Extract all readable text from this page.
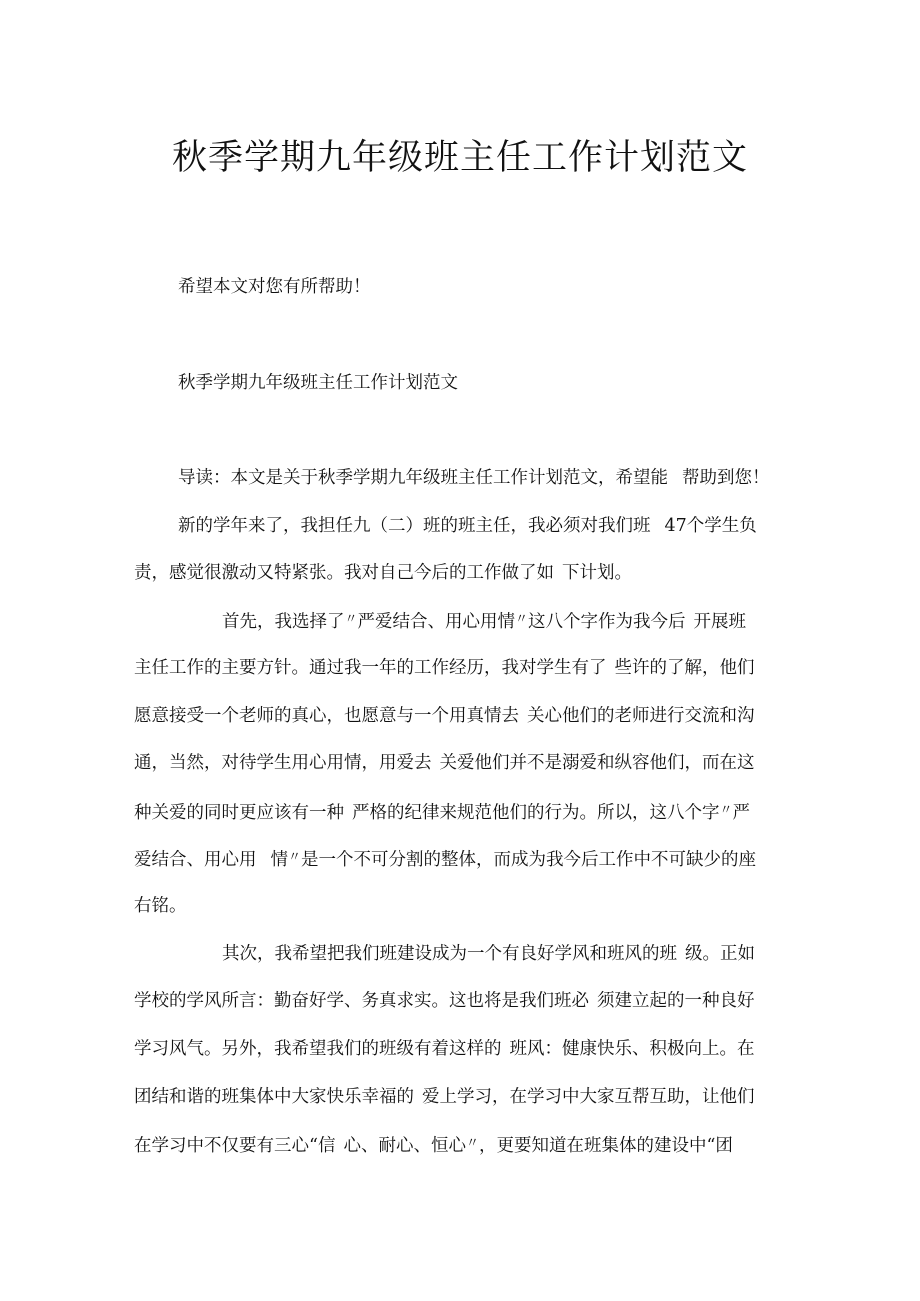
秋季学期九年级班主任工作计划范文

希望本文对您有所帮助！

秋季学期九年级班主任工作计划范文

导读：本文是关于秋季学期九年级班主任工作计划范文，希望能 帮助到您！

新的学年来了，我担任九（二）班的班主任，我必须对我们班 47个学生负

责，感觉很激动又特紧张。我对自己今后的工作做了如 下计划。

首先，我选择了〃严爱结合、用心用情〃这八个字作为我今后 开展班

主任工作的主要方针。通过我一年的工作经历，我对学生有了 些许的了解，他们

愿意接受一个老师的真心，也愿意与一个用真情去 关心他们的老师进行交流和沟

通，当然，对待学生用心用情，用爱去 关爱他们并不是溺爱和纵容他们，而在这

种关爱的同时更应该有一种 严格的纪律来规范他们的行为。所以，这八个字〃严

爱结合、用心用 情〃是一个不可分割的整体，而成为我今后工作中不可缺少的座

右铭。

其次，我希望把我们班建设成为一个有良好学风和班风的班 级。正如

学校的学风所言：勤奋好学、务真求实。这也将是我们班必 须建立起的一种良好

学习风气。另外，我希望我们的班级有着这样的 班风：健康快乐、积极向上。在

团结和谐的班集体中大家快乐幸福的 爱上学习，在学习中大家互帮互助，让他们

在学习中不仅要有三心“信 心、耐心、恒心〃，更要知道在班集体的建设中“团
